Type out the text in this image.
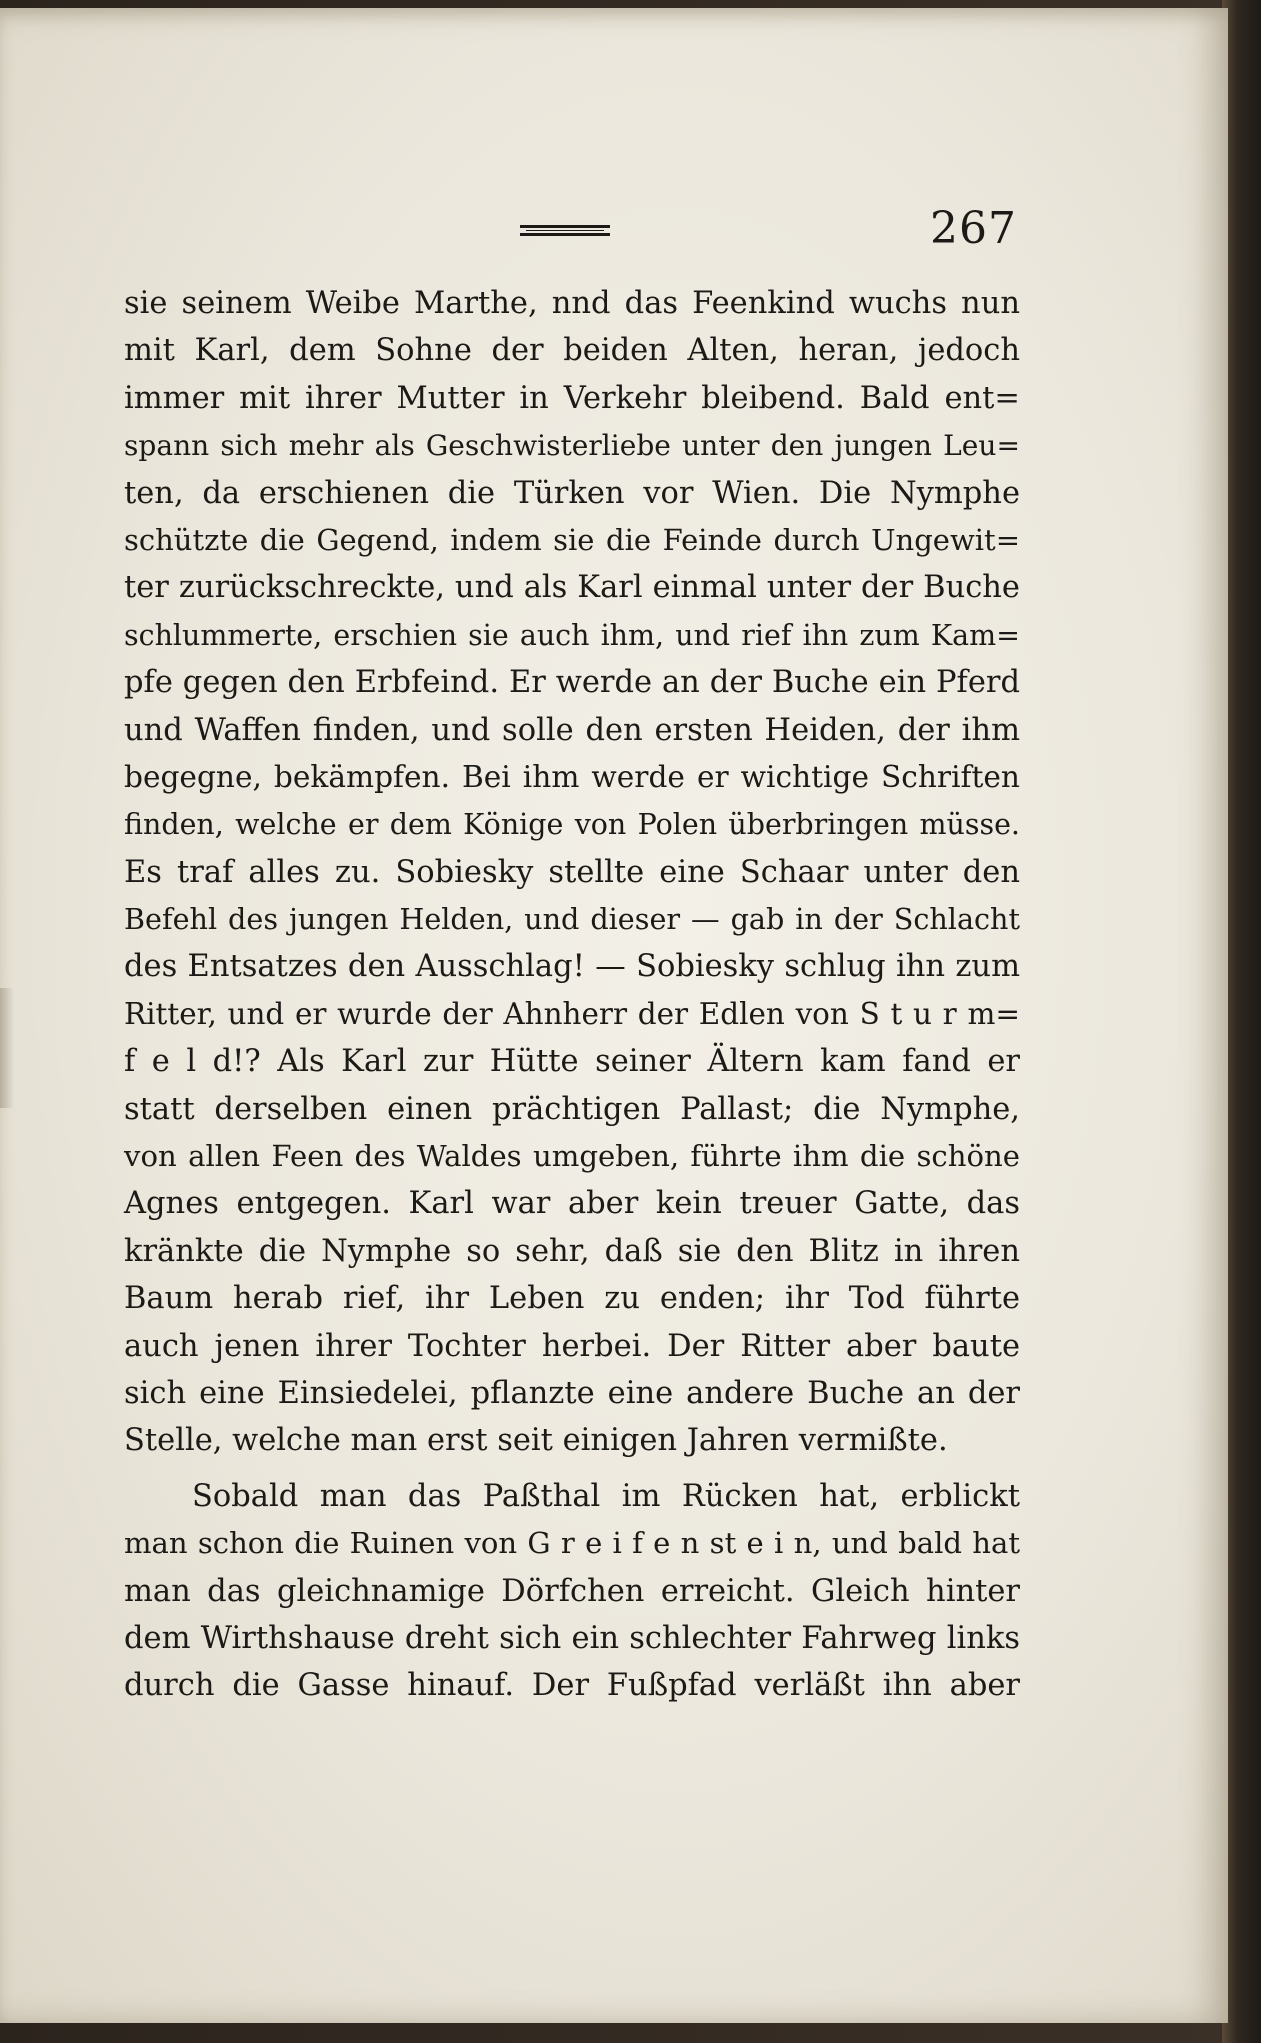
267
sie seinem Weibe Marthe, nnd das Feenkind wuchs nun
mit Karl, dem Sohne der beiden Alten, heran, jedoch
immer mit ihrer Mutter in Verkehr bleibend. Bald ent=
spann sich mehr als Geschwisterliebe unter den jungen Leu=
ten, da erschienen die Türken vor Wien. Die Nymphe
schützte die Gegend, indem sie die Feinde durch Ungewit=
ter zurückschreckte, und als Karl einmal unter der Buche
schlummerte, erschien sie auch ihm, und rief ihn zum Kam=
pfe gegen den Erbfeind. Er werde an der Buche ein Pferd
und Waffen finden, und solle den ersten Heiden, der ihm
begegne, bekämpfen. Bei ihm werde er wichtige Schriften
finden, welche er dem Könige von Polen überbringen müsse.
Es traf alles zu. Sobiesky stellte eine Schaar unter den
Befehl des jungen Helden, und dieser — gab in der Schlacht
des Entsatzes den Ausschlag! — Sobiesky schlug ihn zum
Ritter, und er wurde der Ahnherr der Edlen von S t u r m=
f e l d!? Als Karl zur Hütte seiner Ältern kam fand er
statt derselben einen prächtigen Pallast; die Nymphe,
von allen Feen des Waldes umgeben, führte ihm die schöne
Agnes entgegen. Karl war aber kein treuer Gatte, das
kränkte die Nymphe so sehr, daß sie den Blitz in ihren
Baum herab rief, ihr Leben zu enden; ihr Tod führte
auch jenen ihrer Tochter herbei. Der Ritter aber baute
sich eine Einsiedelei, pflanzte eine andere Buche an der
Stelle, welche man erst seit einigen Jahren vermißte.
Sobald man das Paßthal im Rücken hat, erblickt
man schon die Ruinen von G r e i f e n st e i n, und bald hat
man das gleichnamige Dörfchen erreicht. Gleich hinter
dem Wirthshause dreht sich ein schlechter Fahrweg links
durch die Gasse hinauf. Der Fußpfad verläßt ihn aber
